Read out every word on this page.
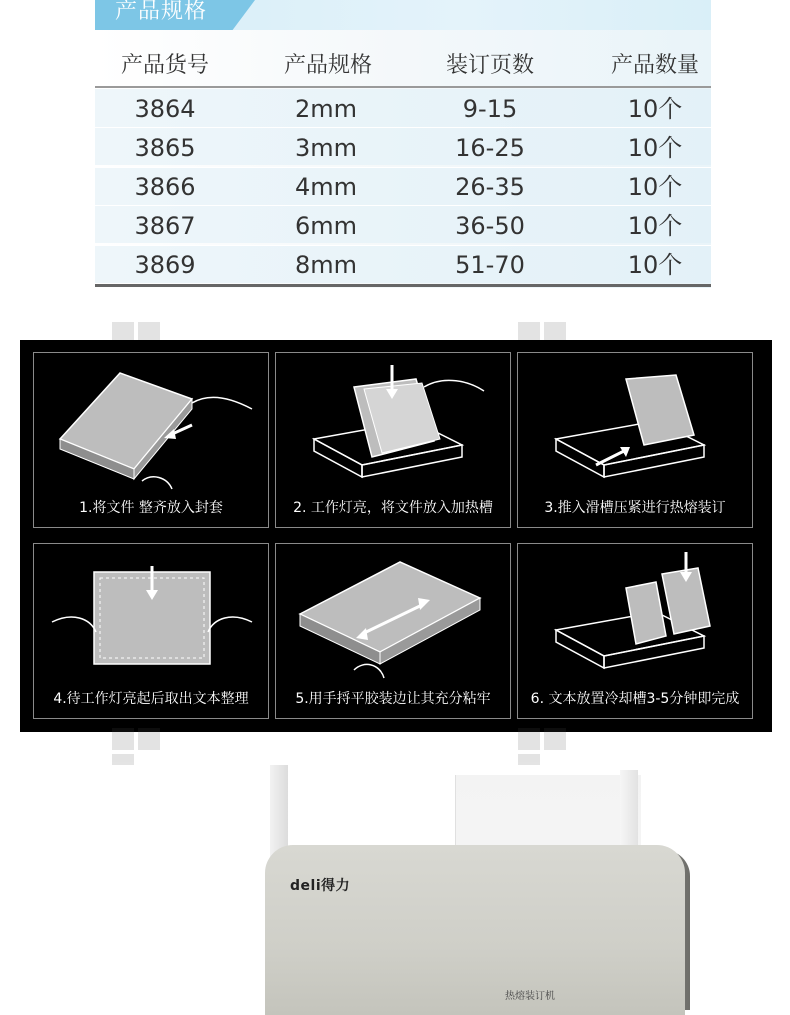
产品规格
产品货号	产品规格	装订页数	产品数量
3864	2mm	9-15	10个
3865	3mm	16-25	10个
3866	4mm	26-35	10个
3867	6mm	36-50	10个
3869	8mm	51-70	10个
1.将文件 整齐放入封套	2. 工作灯亮，将文件放入加热槽	3.推入滑槽压紧进行热熔装订
4.待工作灯亮起后取出文本整理	5.用手捋平胶装边让其充分粘牢	6. 文本放置冷却槽3-5分钟即完成
deli得力
热熔装订机
